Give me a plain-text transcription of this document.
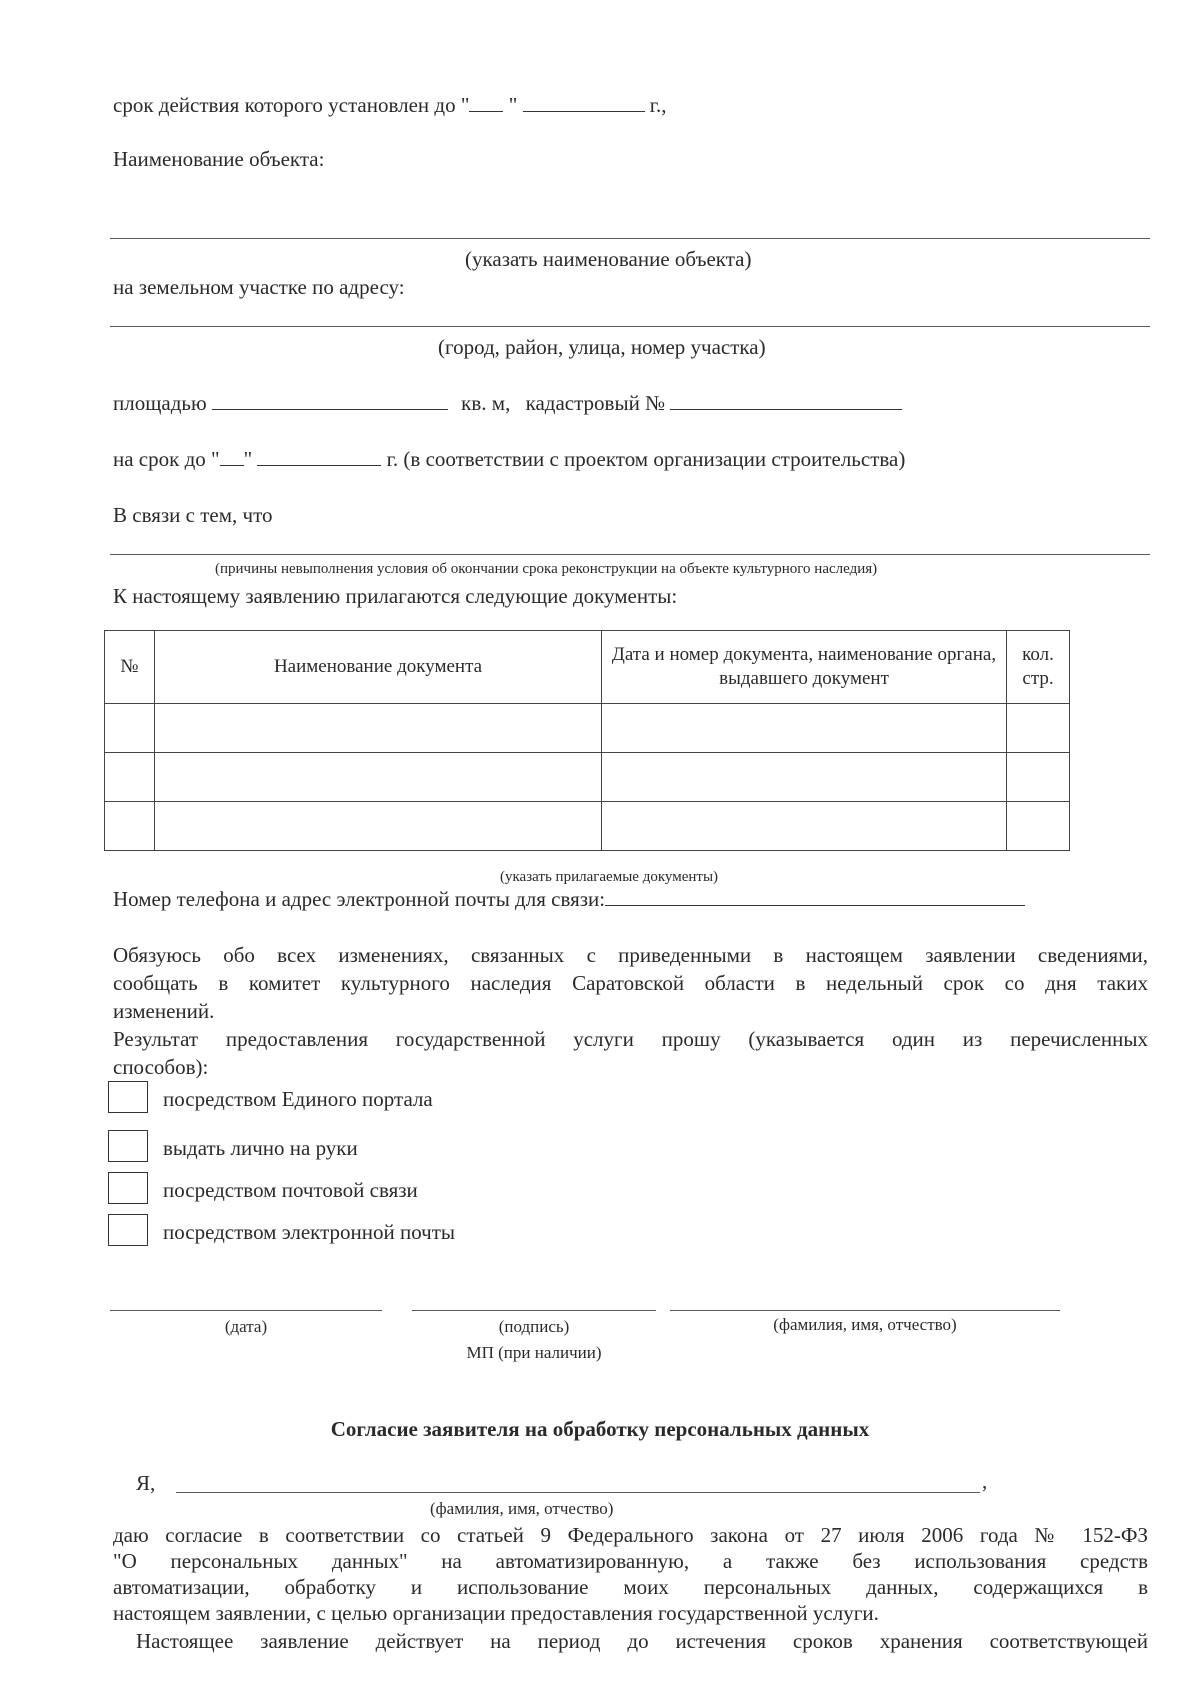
срок действия которого установлен до " "	г.,
Наименование объекта:
(указать наименование объекта)
на земельном участке по адресу:
(город, район, улица, номер участка)
площадью	кв. м, кадастровый №
на срок до " "	г. (в соответствии с проектом организации строительства)
В связи с тем, что
(причины невыполнения условия об окончании срока реконструкции на объекте культурного наследия)
К настоящему заявлению прилагаются следующие документы:
№	Наименование документа	Дата и номер документа, наименование органа, выдавшего документ	кол. стр.

(указать прилагаемые документы)
Номер телефона и адрес электронной почты для связи:
Обязуюсь обо всех изменениях, связанных с приведенными в настоящем заявлении сведениями,
сообщать в комитет культурного наследия Саратовской области в недельный срок со дня таких
изменений.
Результат предоставления государственной услуги прошу (указывается один из перечисленных
способов):
посредством Единого портала
выдать лично на руки
посредством почтовой связи
посредством электронной почты
(дата)	(подпись)	(фамилия, имя, отчество)
МП (при наличии)
Согласие заявителя на обработку персональных данных
Я,	,
(фамилия, имя, отчество)
даю согласие в соответствии со статьей 9 Федерального закона от 27 июля 2006 года № 152-ФЗ
"О персональных данных" на автоматизированную, а также без использования средств
автоматизации, обработку и использование моих персональных данных, содержащихся в
настоящем заявлении, с целью организации предоставления государственной услуги.
Настоящее заявление действует на период до истечения сроков хранения соответствующей
